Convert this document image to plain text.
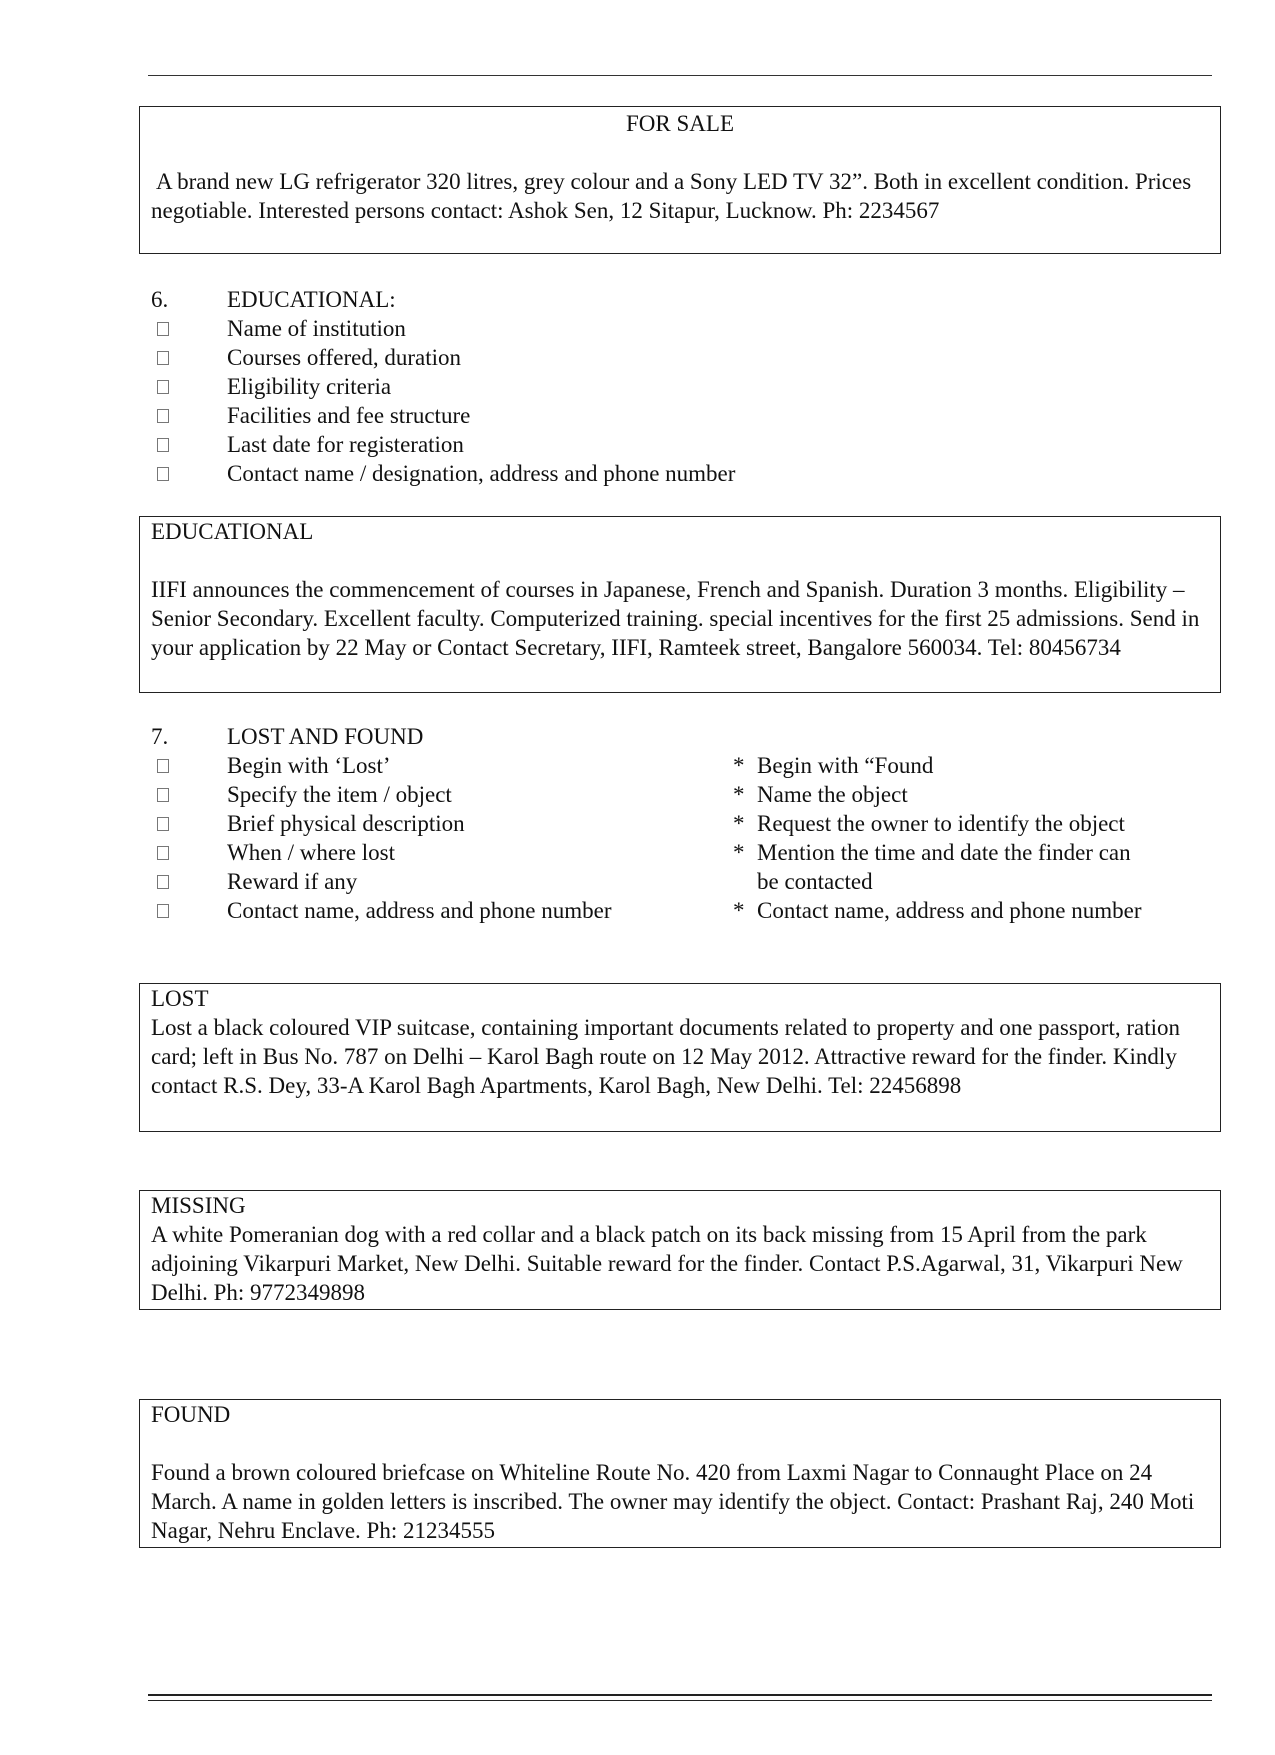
FOR SALE

A brand new LG refrigerator 320 litres, grey colour and a Sony LED TV 32”. Both in excellent condition. Prices negotiable. Interested persons contact: Ashok Sen, 12 Sitapur, Lucknow. Ph: 2234567

6.	EDUCATIONAL:
Name of institution
Courses offered, duration
Eligibility criteria
Facilities and fee structure
Last date for registeration
Contact name / designation, address and phone number
EDUCATIONAL

IIFI announces the commencement of courses in Japanese, French and Spanish. Duration 3 months. Eligibility – Senior Secondary. Excellent faculty. Computerized training. special incentives for the first 25 admissions. Send in your application by 22 May or Contact Secretary, IIFI, Ramteek street, Bangalore 560034. Tel: 80456734

7.	LOST AND FOUND
Begin with ‘Lost’
Specify the item / object
Brief physical description
When / where lost
Reward if any
Contact name, address and phone number
* Begin with “Found
* Name the object
* Request the owner to identify the object
* Mention the time and date the finder can
be contacted
* Contact name, address and phone number
LOST

Lost a black coloured VIP suitcase, containing important documents related to property and one passport, ration card; left in Bus No. 787 on Delhi – Karol Bagh route on 12 May 2012. Attractive reward for the finder. Kindly contact R.S. Dey, 33-A Karol Bagh Apartments, Karol Bagh, New Delhi. Tel: 22456898

MISSING

A white Pomeranian dog with a red collar and a black patch on its back missing from 15 April from the park adjoining Vikarpuri Market, New Delhi. Suitable reward for the finder. Contact P.S.Agarwal, 31, Vikarpuri New Delhi. Ph: 9772349898

FOUND

Found a brown coloured briefcase on Whiteline Route No. 420 from Laxmi Nagar to Connaught Place on 24 March. A name in golden letters is inscribed. The owner may identify the object. Contact: Prashant Raj, 240 Moti Nagar, Nehru Enclave. Ph: 21234555
